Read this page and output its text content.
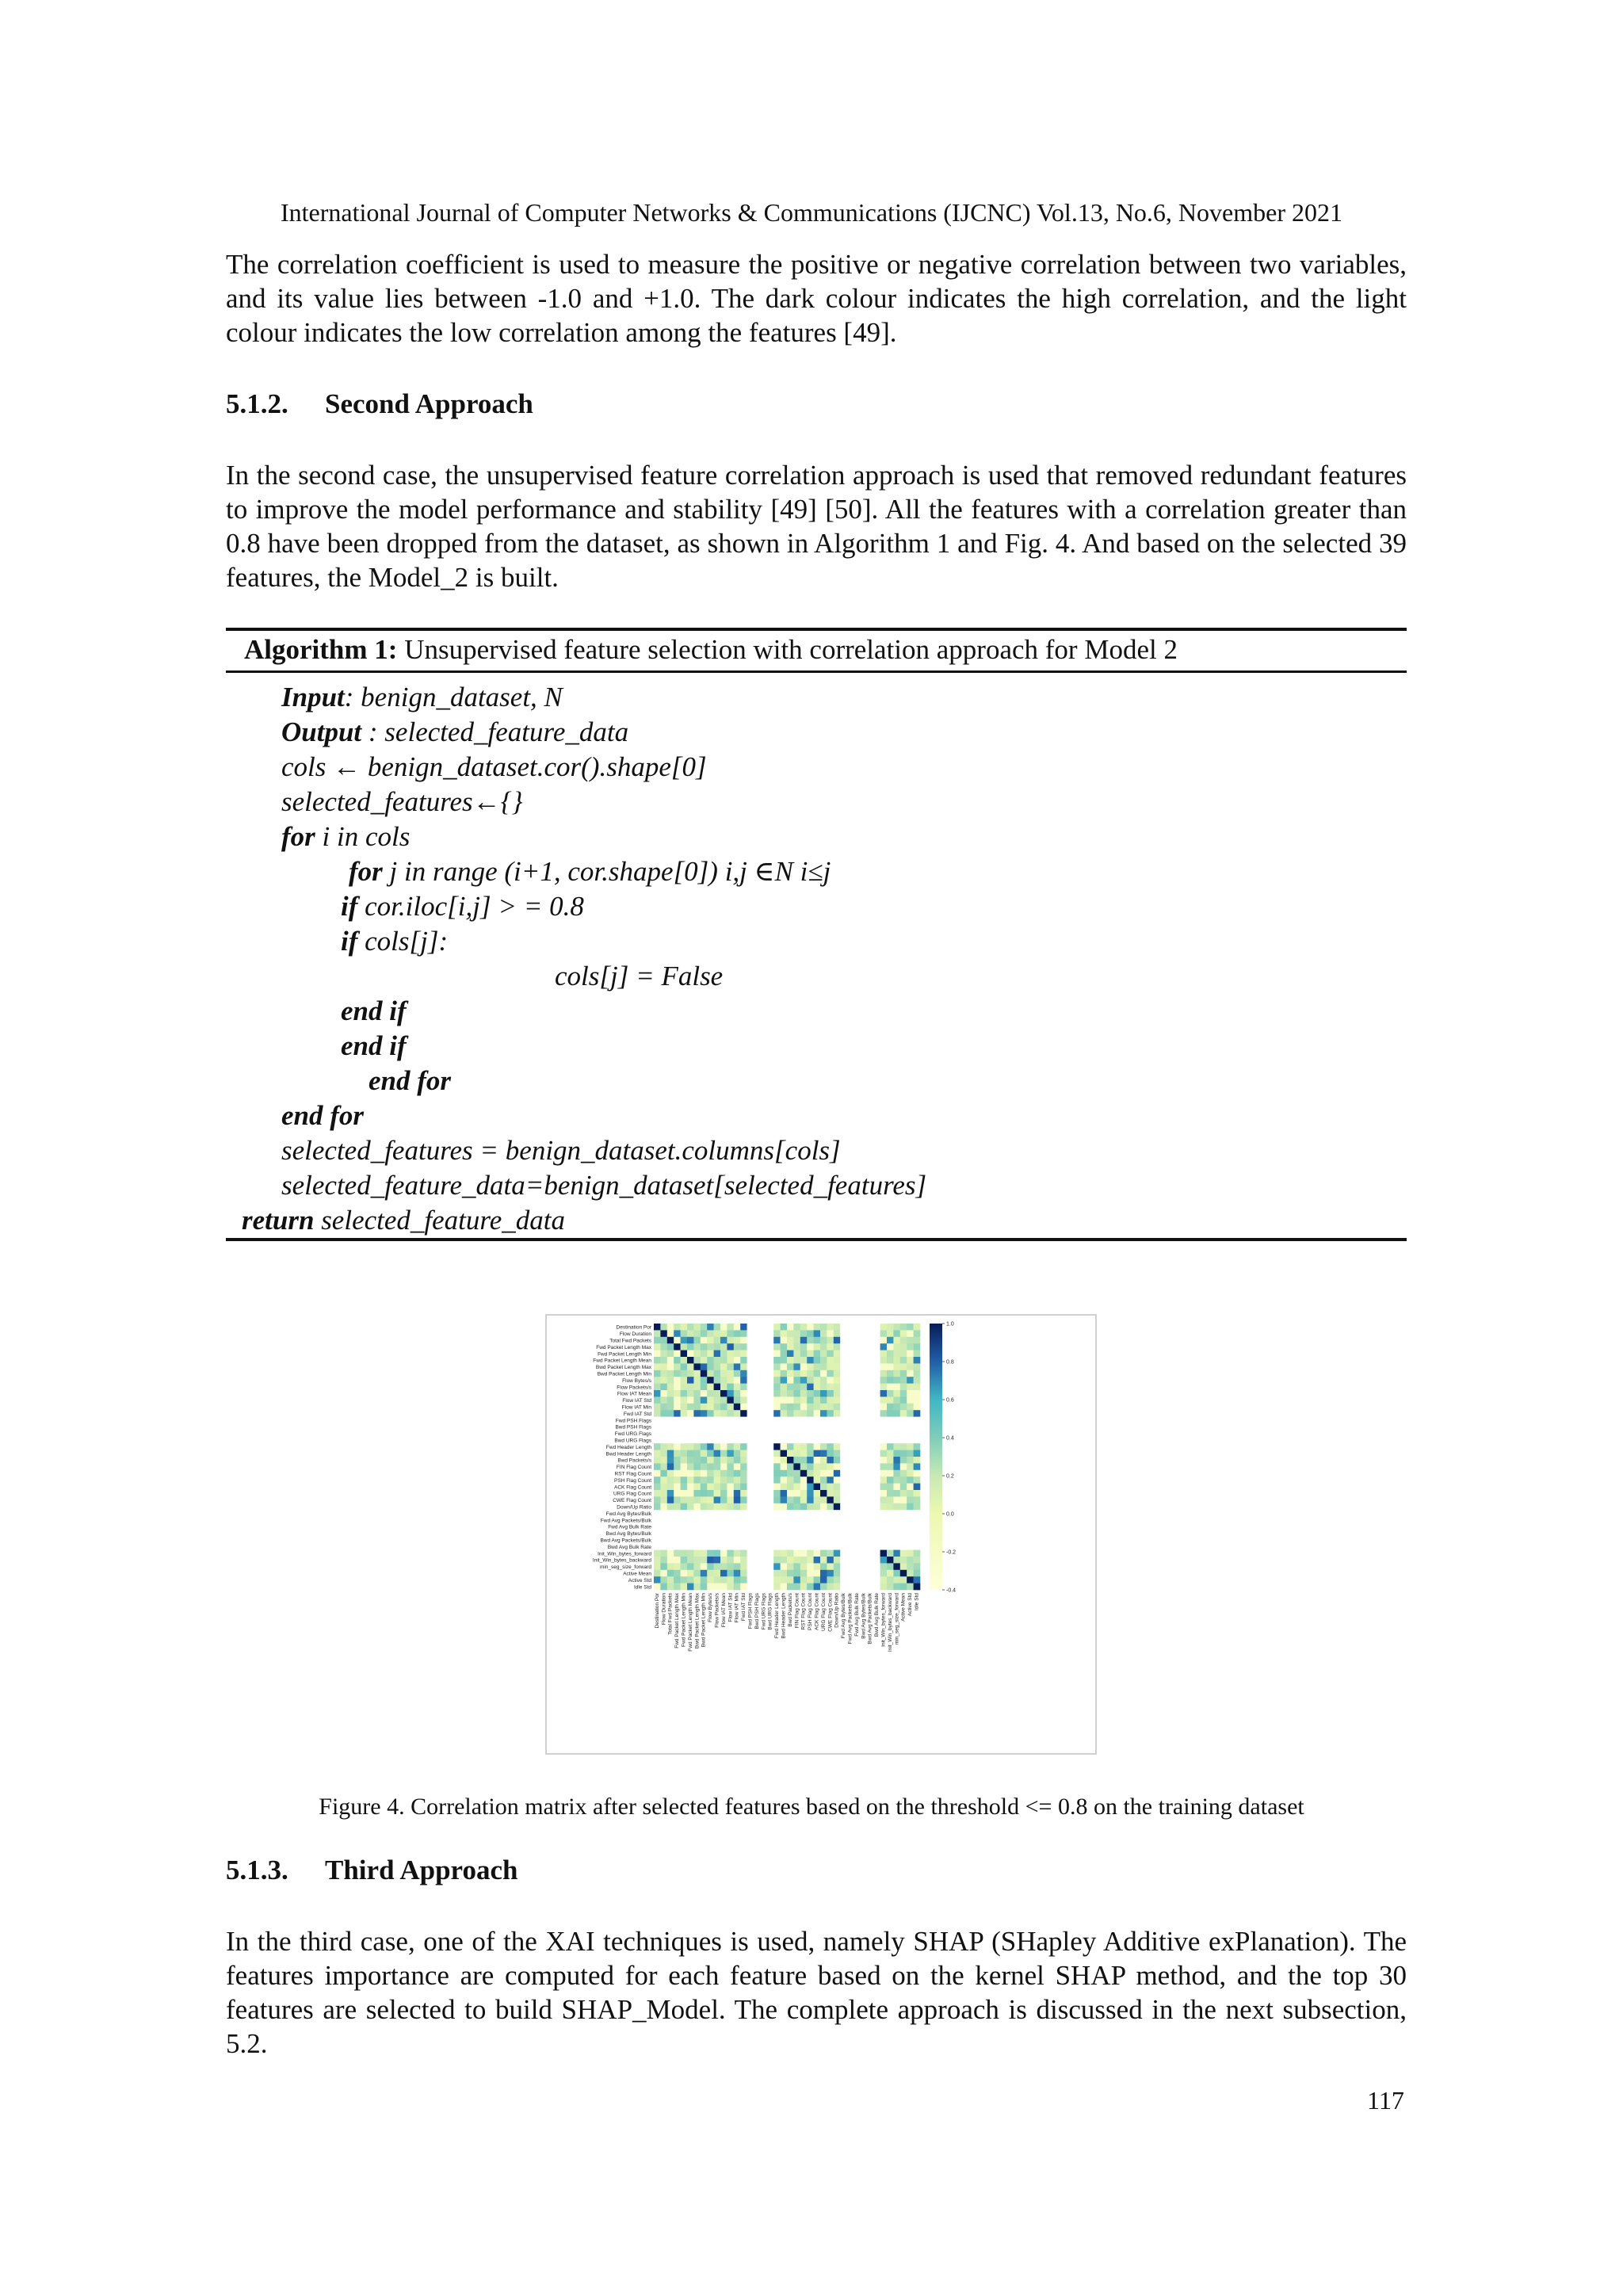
International Journal of Computer Networks & Communications (IJCNC) Vol.13, No.6, November 2021
The correlation coefficient is used to measure the positive or negative correlation between two variables, and its value lies between -1.0 and +1.0. The dark colour indicates the high correlation, and the light colour indicates the low correlation among the features [49].
5.1.2. Second Approach
In the second case, the unsupervised feature correlation approach is used that removed redundant features to improve the model performance and stability [49] [50]. All the features with a correlation greater than 0.8 have been dropped from the dataset, as shown in Algorithm 1 and Fig. 4. And based on the selected 39 features, the Model_2 is built.
Algorithm 1: Unsupervised feature selection with correlation approach for Model 2
Input: benign_dataset, N
Output : selected_feature_data
cols ← benign_dataset.cor().shape[0]
selected_features←{}
for i in cols
for j in range (i+1, cor.shape[0]) i,j ∈N i≤j
if cor.iloc[i,j] > = 0.8
if cols[j]:
cols[j] = False
end if
end if
end for
end for
selected_features = benign_dataset.columns[cols]
selected_feature_data=benign_dataset[selected_features]
return selected_feature_data
Destination Por
Destination Por
Flow Duration
Flow Duration
Total Fwd Packets
Total Fwd Packets
Fwd Packet Length Max
Fwd Packet Length Max
Fwd Packet Length Min
Fwd Packet Length Min
Fwd Packet Length Mean
Fwd Packet Length Mean
Bwd Packet Length Max
Bwd Packet Length Max
Bwd Packet Length Min
Bwd Packet Length Min
Flow Bytes/s
Flow Bytes/s
Flow Packets/s
Flow Packets/s
Flow IAT Mean
Flow IAT Mean
Flow IAT Std
Flow IAT Std
Flow IAT Min
Flow IAT Min
Fwd IAT Std
Fwd IAT Std
Fwd PSH Flags
Fwd PSH Flags
Bwd PSH Flags
Bwd PSH Flags
Fwd URG Flags
Fwd URG Flags
Bwd URG Flags
Bwd URG Flags
Fwd Header Length
Fwd Header Length
Bwd Header Length
Bwd Header Length
Bwd Packets/s
Bwd Packets/s
FIN Flag Count
FIN Flag Count
RST Flag Count
RST Flag Count
PSH Flag Count
PSH Flag Count
ACK Flag Count
ACK Flag Count
URG Flag Count
URG Flag Count
CWE Flag Count
CWE Flag Count
Down/Up Ratio
Down/Up Ratio
Fwd Avg Bytes/Bulk
Fwd Avg Bytes/Bulk
Fwd Avg Packets/Bulk
Fwd Avg Packets/Bulk
Fwd Avg Bulk Rate
Fwd Avg Bulk Rate
Bwd Avg Bytes/Bulk
Bwd Avg Bytes/Bulk
Bwd Avg Packets/Bulk
Bwd Avg Packets/Bulk
Bwd Avg Bulk Rate
Bwd Avg Bulk Rate
Init_Win_bytes_forward
Init_Win_bytes_forward
Init_Win_bytes_backward
Init_Win_bytes_backward
min_seg_size_forward
min_seg_size_forward
Active Mean
Active Mean
Active Std
Active Std
Idle Std
Idle Std
1.0
0.8
0.6
0.4
0.2
0.0
-0.2
-0.4
Figure 4. Correlation matrix after selected features based on the threshold <= 0.8 on the training dataset
5.1.3. Third Approach
In the third case, one of the XAI techniques is used, namely SHAP (SHapley Additive exPlanation). The features importance are computed for each feature based on the kernel SHAP method, and the top 30 features are selected to build SHAP_Model. The complete approach is discussed in the next subsection, 5.2.
117
